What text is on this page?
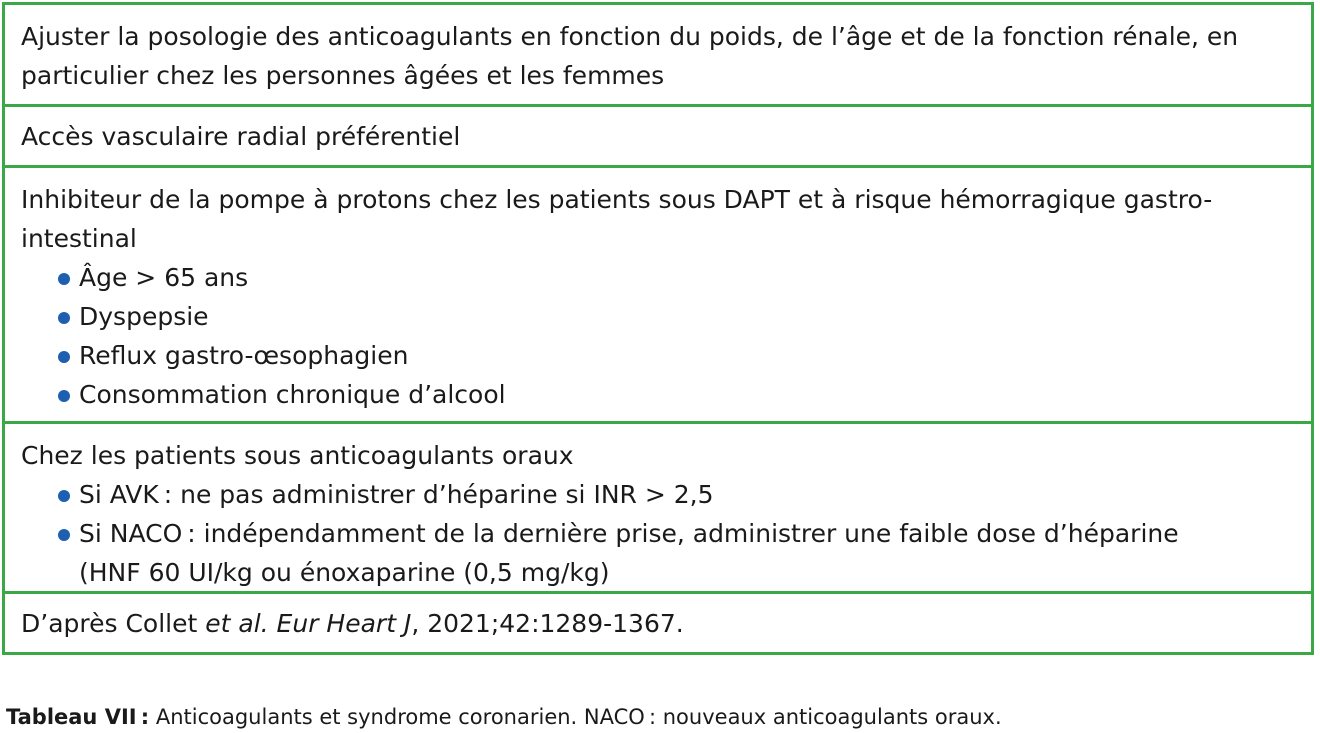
Ajuster la posologie des anticoagulants en fonction du poids, de l’âge et de la fonction rénale, en particulier chez les personnes âgées et les femmes
Accès vasculaire radial préférentiel
Inhibiteur de la pompe à protons chez les patients sous DAPT et à risque hémorragique gastro-intestinal
Âge > 65 ans
Dyspepsie
Reflux gastro-œsophagien
Consommation chronique d’alcool
Chez les patients sous anticoagulants oraux
Si AVK : ne pas administrer d’héparine si INR > 2,5
Si NACO : indépendamment de la dernière prise, administrer une faible dose d’héparine
(HNF 60 UI/kg ou énoxaparine (0,5 mg/kg)
D’après Collet et al. Eur Heart J, 2021;42:1289-1367.
Tableau VII : Anticoagulants et syndrome coronarien. NACO : nouveaux anticoagulants oraux.
